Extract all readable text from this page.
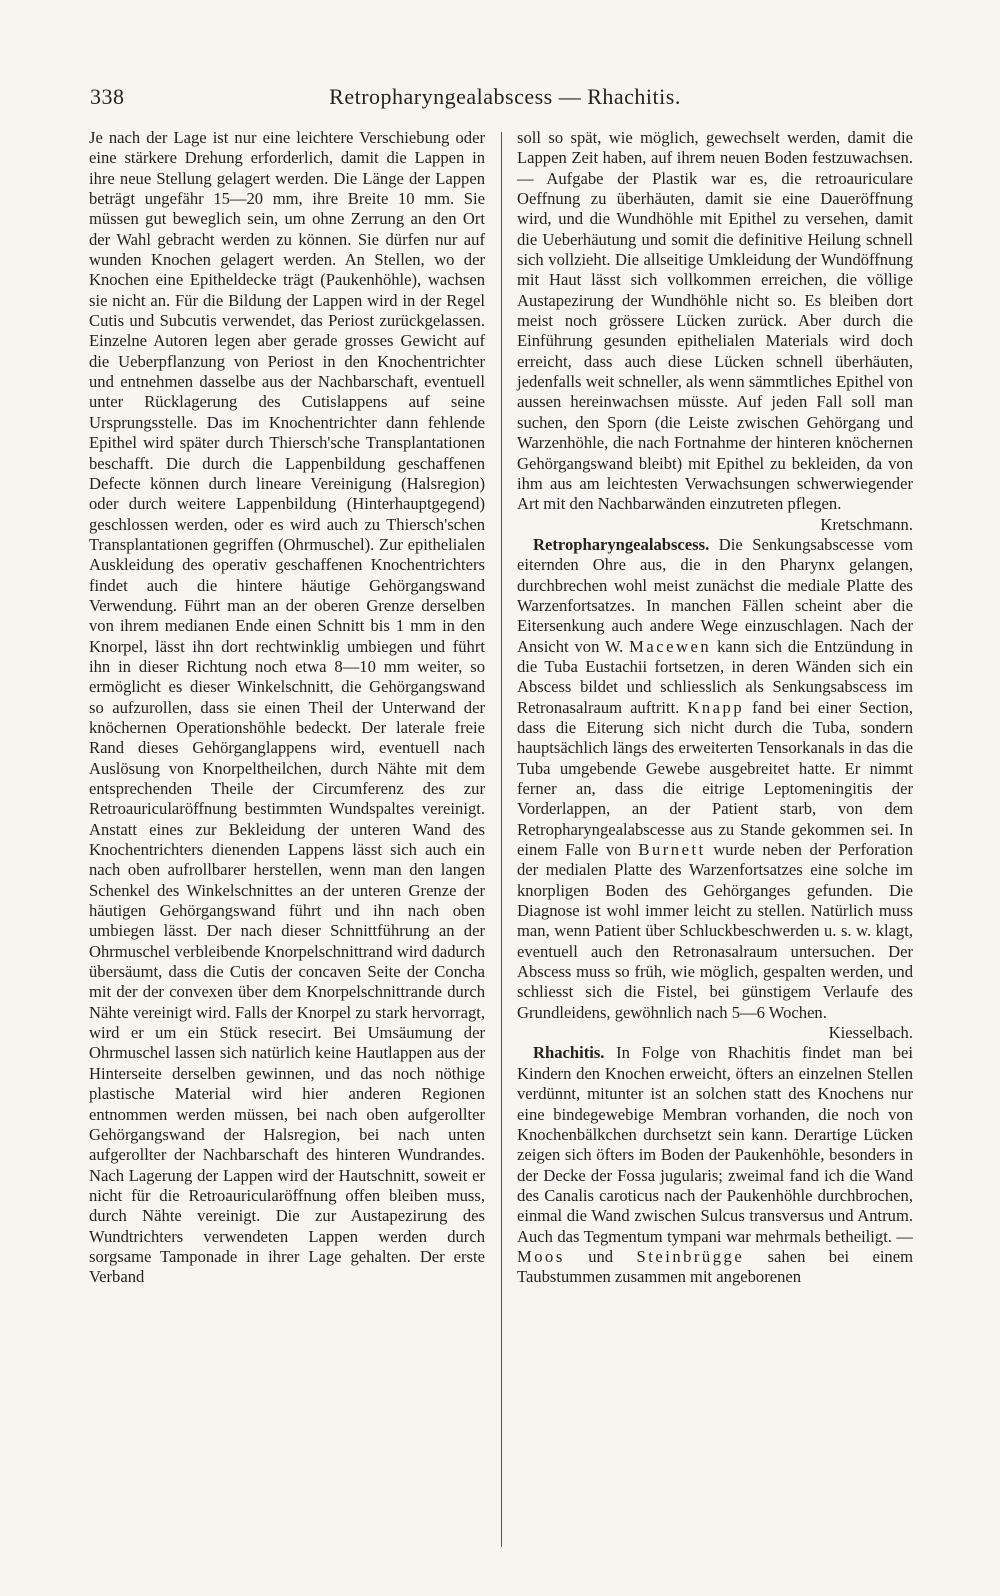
338	Retropharyngealabscess — Rhachitis.

Je nach der Lage ist nur eine leichtere Verschiebung oder eine stärkere Drehung erforderlich, damit die Lappen in ihre neue Stellung gelagert werden. Die Länge der Lappen beträgt ungefähr 15—20 mm, ihre Breite 10 mm. Sie müssen gut beweglich sein, um ohne Zerrung an den Ort der Wahl gebracht werden zu können. Sie dürfen nur auf wunden Knochen gelagert werden. An Stellen, wo der Knochen eine Epitheldecke trägt (Paukenhöhle), wachsen sie nicht an. Für die Bildung der Lappen wird in der Regel Cutis und Subcutis verwendet, das Periost zurückgelassen. Einzelne Autoren legen aber gerade grosses Gewicht auf die Ueberpflanzung von Periost in den Knochentrichter und entnehmen dasselbe aus der Nachbarschaft, eventuell unter Rücklagerung des Cutislappens auf seine Ursprungsstelle. Das im Knochentrichter dann fehlende Epithel wird später durch Thiersch'sche Transplantationen beschafft. Die durch die Lappenbildung geschaffenen Defecte können durch lineare Vereinigung (Halsregion) oder durch weitere Lappenbildung (Hinterhauptgegend) geschlossen werden, oder es wird auch zu Thiersch'schen Transplantationen gegriffen (Ohrmuschel). Zur epithelialen Auskleidung des operativ geschaffenen Knochentrichters findet auch die hintere häutige Gehörgangswand Verwendung. Führt man an der oberen Grenze derselben von ihrem medianen Ende einen Schnitt bis 1 mm in den Knorpel, lässt ihn dort rechtwinklig umbiegen und führt ihn in dieser Richtung noch etwa 8—10 mm weiter, so ermöglicht es dieser Winkelschnitt, die Gehörgangswand so aufzurollen, dass sie einen Theil der Unterwand der knöchernen Operationshöhle bedeckt. Der laterale freie Rand dieses Gehörganglappens wird, eventuell nach Auslösung von Knorpeltheilchen, durch Nähte mit dem entsprechenden Theile der Circumferenz des zur Retroauricularöffnung bestimmten Wundspaltes vereinigt. Anstatt eines zur Bekleidung der unteren Wand des Knochentrichters dienenden Lappens lässt sich auch ein nach oben aufrollbarer herstellen, wenn man den langen Schenkel des Winkelschnittes an der unteren Grenze der häutigen Gehörgangswand führt und ihn nach oben umbiegen lässt. Der nach dieser Schnittführung an der Ohrmuschel verbleibende Knorpelschnittrand wird dadurch übersäumt, dass die Cutis der concaven Seite der Concha mit der der convexen über dem Knorpelschnittrande durch Nähte vereinigt wird. Falls der Knorpel zu stark hervorragt, wird er um ein Stück resecirt. Bei Umsäumung der Ohrmuschel lassen sich natürlich keine Hautlappen aus der Hinterseite derselben gewinnen, und das noch nöthige plastische Material wird hier anderen Regionen entnommen werden müssen, bei nach oben aufgerollter Gehörgangswand der Halsregion, bei nach unten aufgerollter der Nachbarschaft des hinteren Wundrandes. Nach Lagerung der Lappen wird der Hautschnitt, soweit er nicht für die Retroauricularöffnung offen bleiben muss, durch Nähte vereinigt. Die zur Austapezirung des Wundtrichters verwendeten Lappen werden durch sorgsame Tamponade in ihrer Lage gehalten. Der erste Verband

soll so spät, wie möglich, gewechselt werden, damit die Lappen Zeit haben, auf ihrem neuen Boden festzuwachsen. — Aufgabe der Plastik war es, die retroauriculare Oeffnung zu überhäuten, damit sie eine Daueröffnung wird, und die Wundhöhle mit Epithel zu versehen, damit die Ueberhäutung und somit die definitive Heilung schnell sich vollzieht. Die allseitige Umkleidung der Wundöffnung mit Haut lässt sich vollkommen erreichen, die völlige Austapezirung der Wundhöhle nicht so. Es bleiben dort meist noch grössere Lücken zurück. Aber durch die Einführung gesunden epithelialen Materials wird doch erreicht, dass auch diese Lücken schnell überhäuten, jedenfalls weit schneller, als wenn sämmtliches Epithel von aussen hereinwachsen müsste. Auf jeden Fall soll man suchen, den Sporn (die Leiste zwischen Gehörgang und Warzenhöhle, die nach Fortnahme der hinteren knöchernen Gehörgangswand bleibt) mit Epithel zu bekleiden, da von ihm aus am leichtesten Verwachsungen schwerwiegender Art mit den Nachbarwänden einzutreten pflegen.

Kretschmann.

Retropharyngealabscess. Die Senkungsabscesse vom eiternden Ohre aus, die in den Pharynx gelangen, durchbrechen wohl meist zunächst die mediale Platte des Warzenfortsatzes. In manchen Fällen scheint aber die Eitersenkung auch andere Wege einzuschlagen. Nach der Ansicht von W. Macewen kann sich die Entzündung in die Tuba Eustachii fortsetzen, in deren Wänden sich ein Abscess bildet und schliesslich als Senkungsabscess im Retronasalraum auftritt. Knapp fand bei einer Section, dass die Eiterung sich nicht durch die Tuba, sondern hauptsächlich längs des erweiterten Tensorkanals in das die Tuba umgebende Gewebe ausgebreitet hatte. Er nimmt ferner an, dass die eitrige Leptomeningitis der Vorderlappen, an der Patient starb, von dem Retropharyngealabscesse aus zu Stande gekommen sei. In einem Falle von Burnett wurde neben der Perforation der medialen Platte des Warzenfortsatzes eine solche im knorpligen Boden des Gehörganges gefunden. Die Diagnose ist wohl immer leicht zu stellen. Natürlich muss man, wenn Patient über Schluckbeschwerden u. s. w. klagt, eventuell auch den Retronasalraum untersuchen. Der Abscess muss so früh, wie möglich, gespalten werden, und schliesst sich die Fistel, bei günstigem Verlaufe des Grundleidens, gewöhnlich nach 5—6 Wochen.

Kiesselbach.

Rhachitis. In Folge von Rhachitis findet man bei Kindern den Knochen erweicht, öfters an einzelnen Stellen verdünnt, mitunter ist an solchen statt des Knochens nur eine bindegewebige Membran vorhanden, die noch von Knochenbälkchen durchsetzt sein kann. Derartige Lücken zeigen sich öfters im Boden der Paukenhöhle, besonders in der Decke der Fossa jugularis; zweimal fand ich die Wand des Canalis caroticus nach der Paukenhöhle durchbrochen, einmal die Wand zwischen Sulcus transversus und Antrum. Auch das Tegmentum tympani war mehrmals betheiligt. — Moos und Steinbrügge sahen bei einem Taubstummen zusammen mit angeborenen
